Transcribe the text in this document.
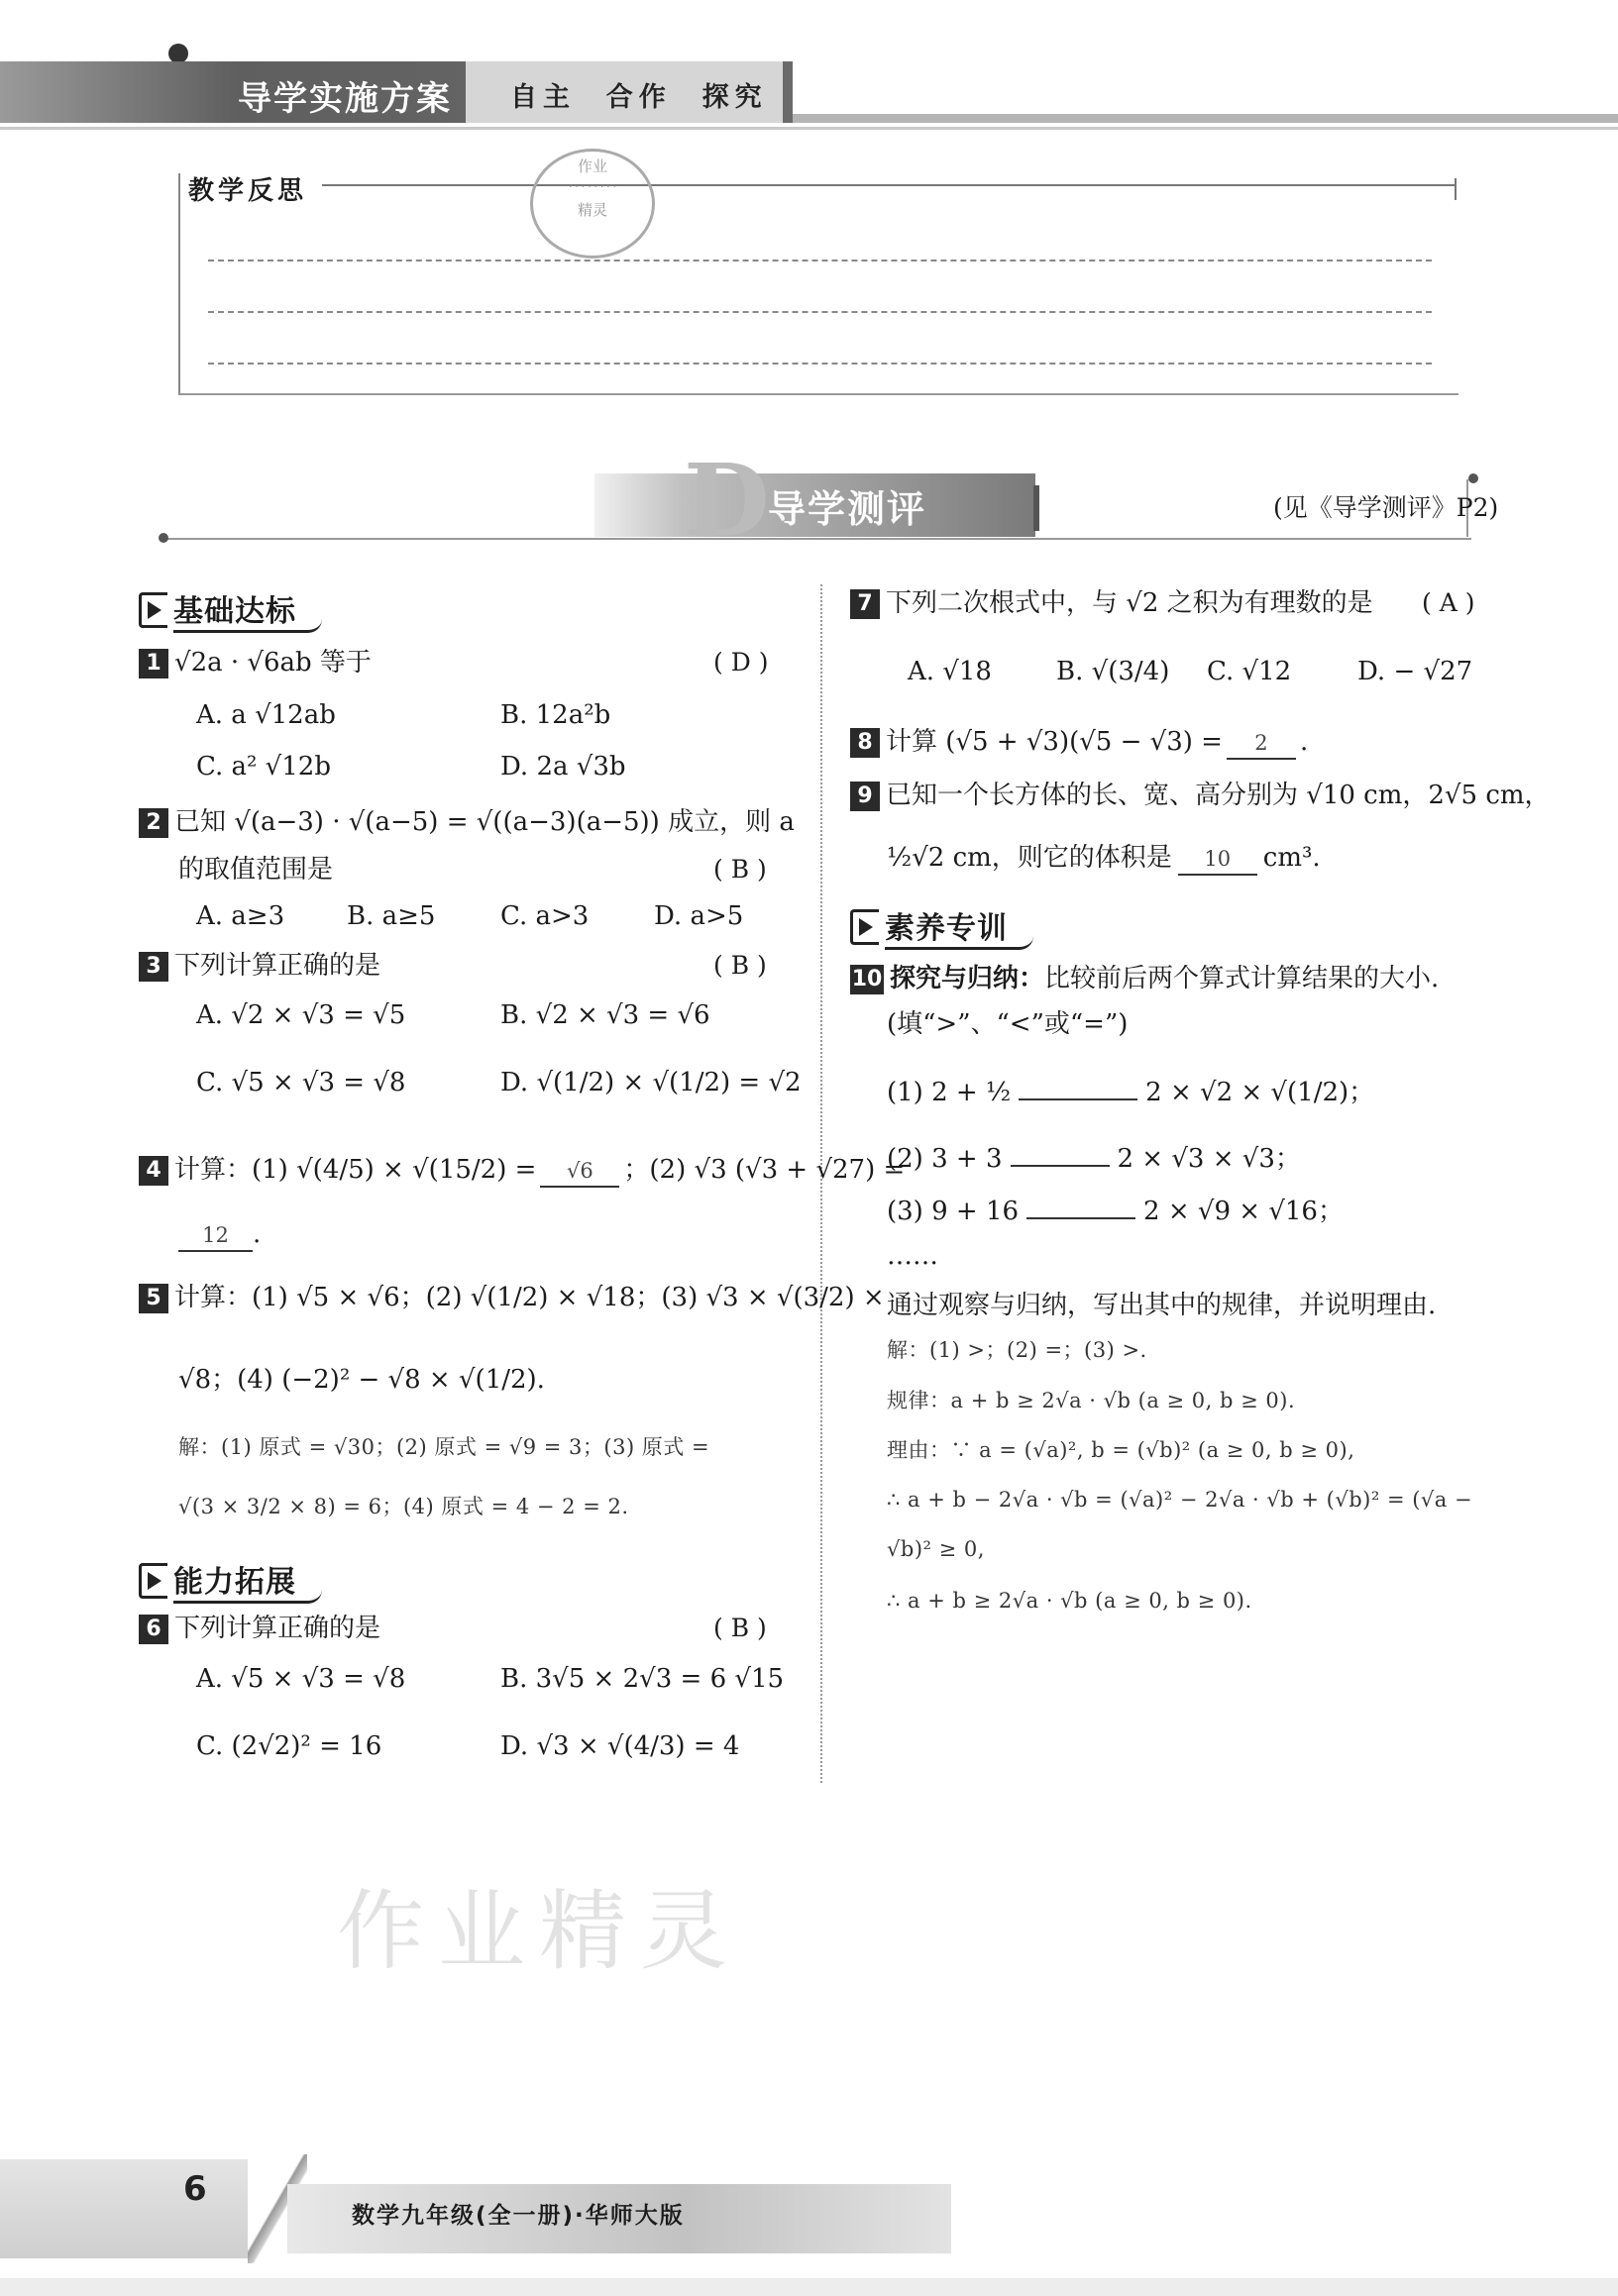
导学实施方案 自主  合作  探究
教学反思
作业
· · · · · · · ·
精灵
D
导学测评	(见《导学测评》P2)
基础达标
1 √2a · √6ab 等于	( D )
A. a √12ab	B. 12a²b
C. a² √12b	D. 2a √3b
2 已知 √(a−3) · √(a−5) = √((a−3)(a−5)) 成立，则 a
的取值范围是	( B )
A. a≥3 B. a≥5	C. a>3	D. a>5
3 下列计算正确的是	( B )
A. √2 × √3 = √5	B. √2 × √3 = √6
C. √5 × √3 = √8	D. √(1/2) × √(1/2) = √2
4 计算：(1) √(4/5) × √(15/2) = √6 ；(2) √3 (√3 + √27) =
12 .
5 计算：(1) √5 × √6；(2) √(1/2) × √18；(3) √3 × √(3/2) ×
√8；(4) (−2)² − √8 × √(1/2).
解：(1) 原式 = √30；(2) 原式 = √9 = 3；(3) 原式 =
√(3 × 3/2 × 8) = 6；(4) 原式 = 4 − 2 = 2.
能力拓展
6 下列计算正确的是	( B )
A. √5 × √3 = √8	B. 3√5 × 2√3 = 6 √15
C. (2√2)² = 16	D. √3 × √(4/3) = 4
7 下列二次根式中，与 √2 之积为有理数的是 ( A )
A. √18	B. √(3/4) C. √12	D. − √27
8 计算 (√5 + √3)(√5 − √3) = 2 .
9 已知一个长方体的长、宽、高分别为 √10 cm，2√5 cm，
½√2 cm，则它的体积是 10 cm³.
素养专训
10 探究与归纳：比较前后两个算式计算结果的大小.
(填“>”、“<”或“=”)
(1) 2 + ½	2 × √2 × √(1/2)；
(2) 3 + 3	2 × √3 × √3；
(3) 9 + 16	2 × √9 × √16；
……
通过观察与归纳，写出其中的规律，并说明理由.
解：(1) >；(2) =；(3) >.
规律：a + b ≥ 2√a · √b (a ≥ 0, b ≥ 0).
理由：∵ a = (√a)², b = (√b)² (a ≥ 0, b ≥ 0),
∴ a + b − 2√a · √b = (√a)² − 2√a · √b + (√b)² = (√a −
√b)² ≥ 0,
∴ a + b ≥ 2√a · √b (a ≥ 0, b ≥ 0).
作业精灵
6
数学九年级(全一册)·华师大版
